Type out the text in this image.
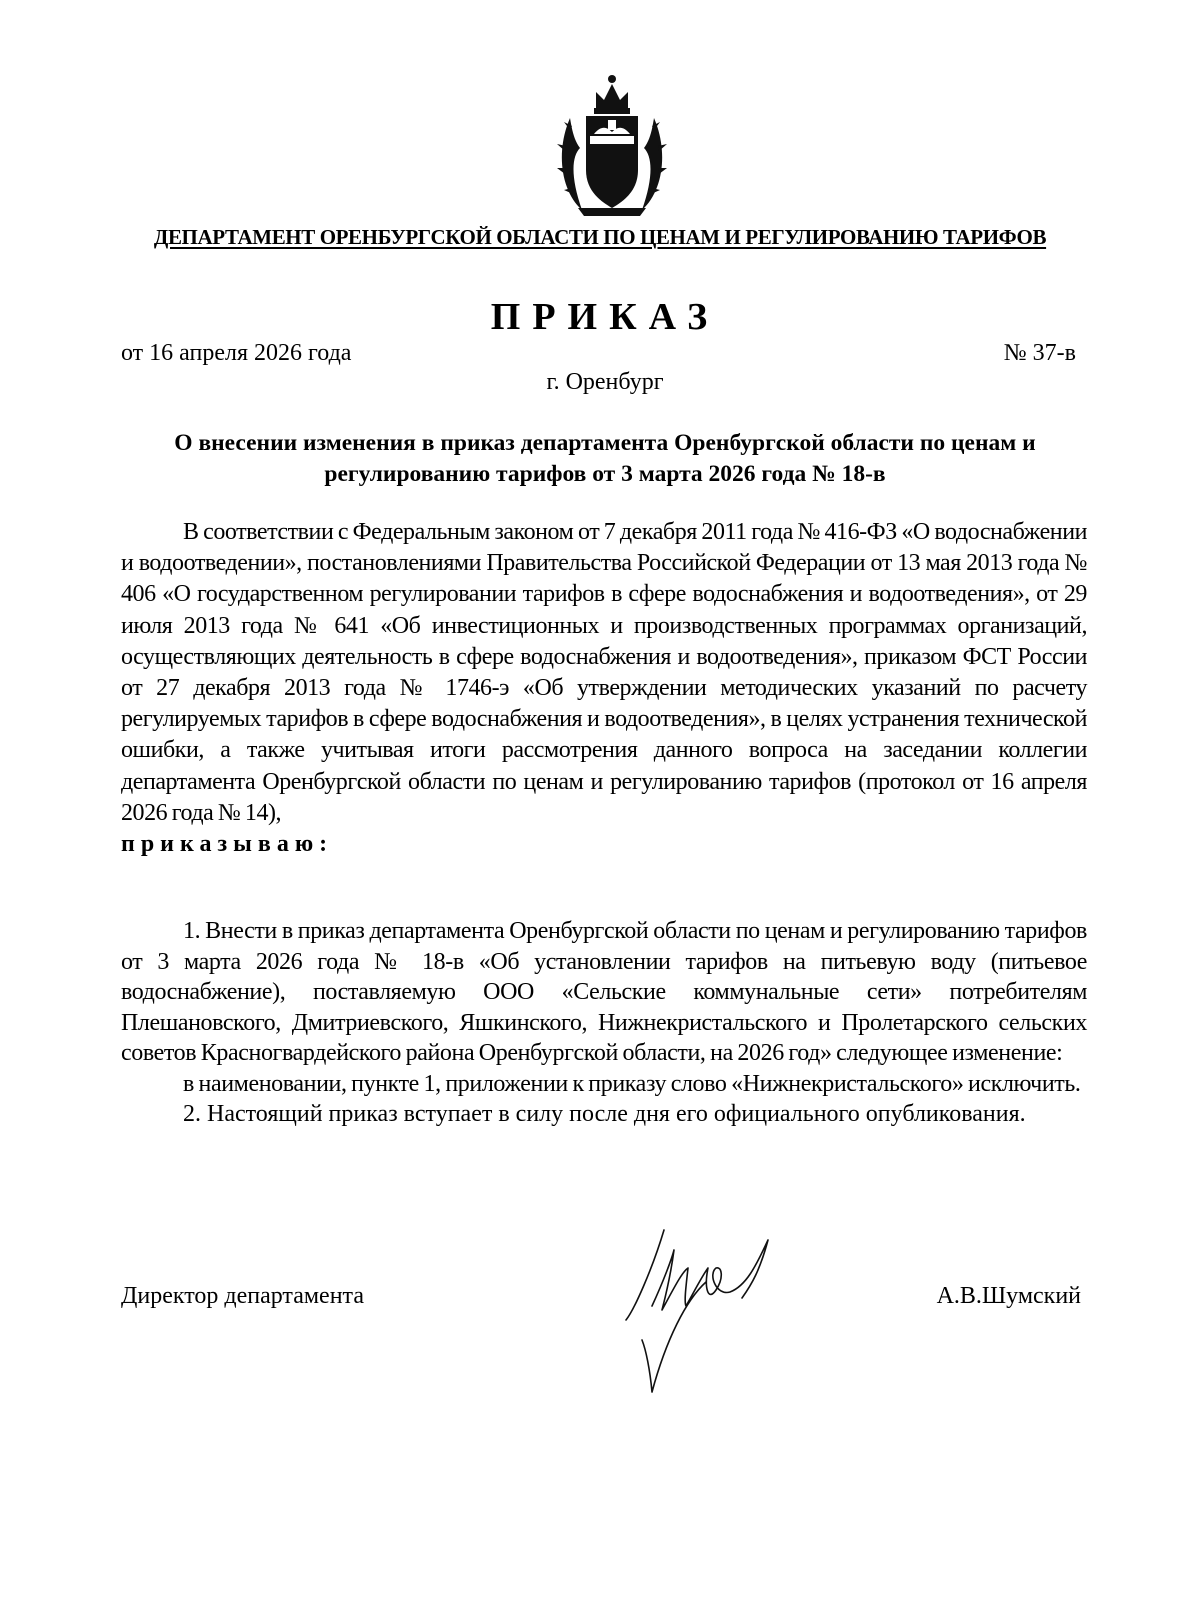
ДЕПАРТАМЕНТ ОРЕНБУРГСКОЙ ОБЛАСТИ ПО ЦЕНАМ И РЕГУЛИРОВАНИЮ ТАРИФОВ
ПРИКАЗ
от 16 апреля 2026 года	№ 37-в
г. Оренбург
О внесении изменения в приказ департамента Оренбургской области по ценам и регулированию тарифов от 3 марта 2026 года № 18-в

В соответствии с Федеральным законом от 7 декабря 2011 года № 416-ФЗ «О водоснабжении и водоотведении», постановлениями Правительства Российской Федерации от 13 мая 2013 года № 406 «О государственном регулировании тарифов в сфере водоснабжения и водоотведения», от 29 июля 2013 года № 641 «Об инвестиционных и производственных программах организаций, осуществляющих деятельность в сфере водоснабжения и водоотведения», приказом ФСТ России от 27 декабря 2013 года № 1746-э «Об утверждении методических указаний по расчету регулируемых тарифов в сфере водоснабжения и водоотведения», в целях устранения технической ошибки, а также учитывая итоги рассмотрения данного вопроса на заседании коллегии департамента Оренбургской области по ценам и регулированию тарифов (протокол от 16 апреля 2026 года № 14),

приказываю:

1. Внести в приказ департамента Оренбургской области по ценам и регулированию тарифов от 3 марта 2026 года № 18-в «Об установлении тарифов на питьевую воду (питьевое водоснабжение), поставляемую ООО «Сельские коммунальные сети» потребителям Плешановского, Дмитриевского, Яшкинского, Нижнекристальского и Пролетарского сельских советов Красногвардейского района Оренбургской области, на 2026 год» следующее изменение:

в наименовании, пункте 1, приложении к приказу слово «Нижнекристальского» исключить.

2. Настоящий приказ вступает в силу после дня его официального опубликования.

Директор департамента	А.В.Шумский
